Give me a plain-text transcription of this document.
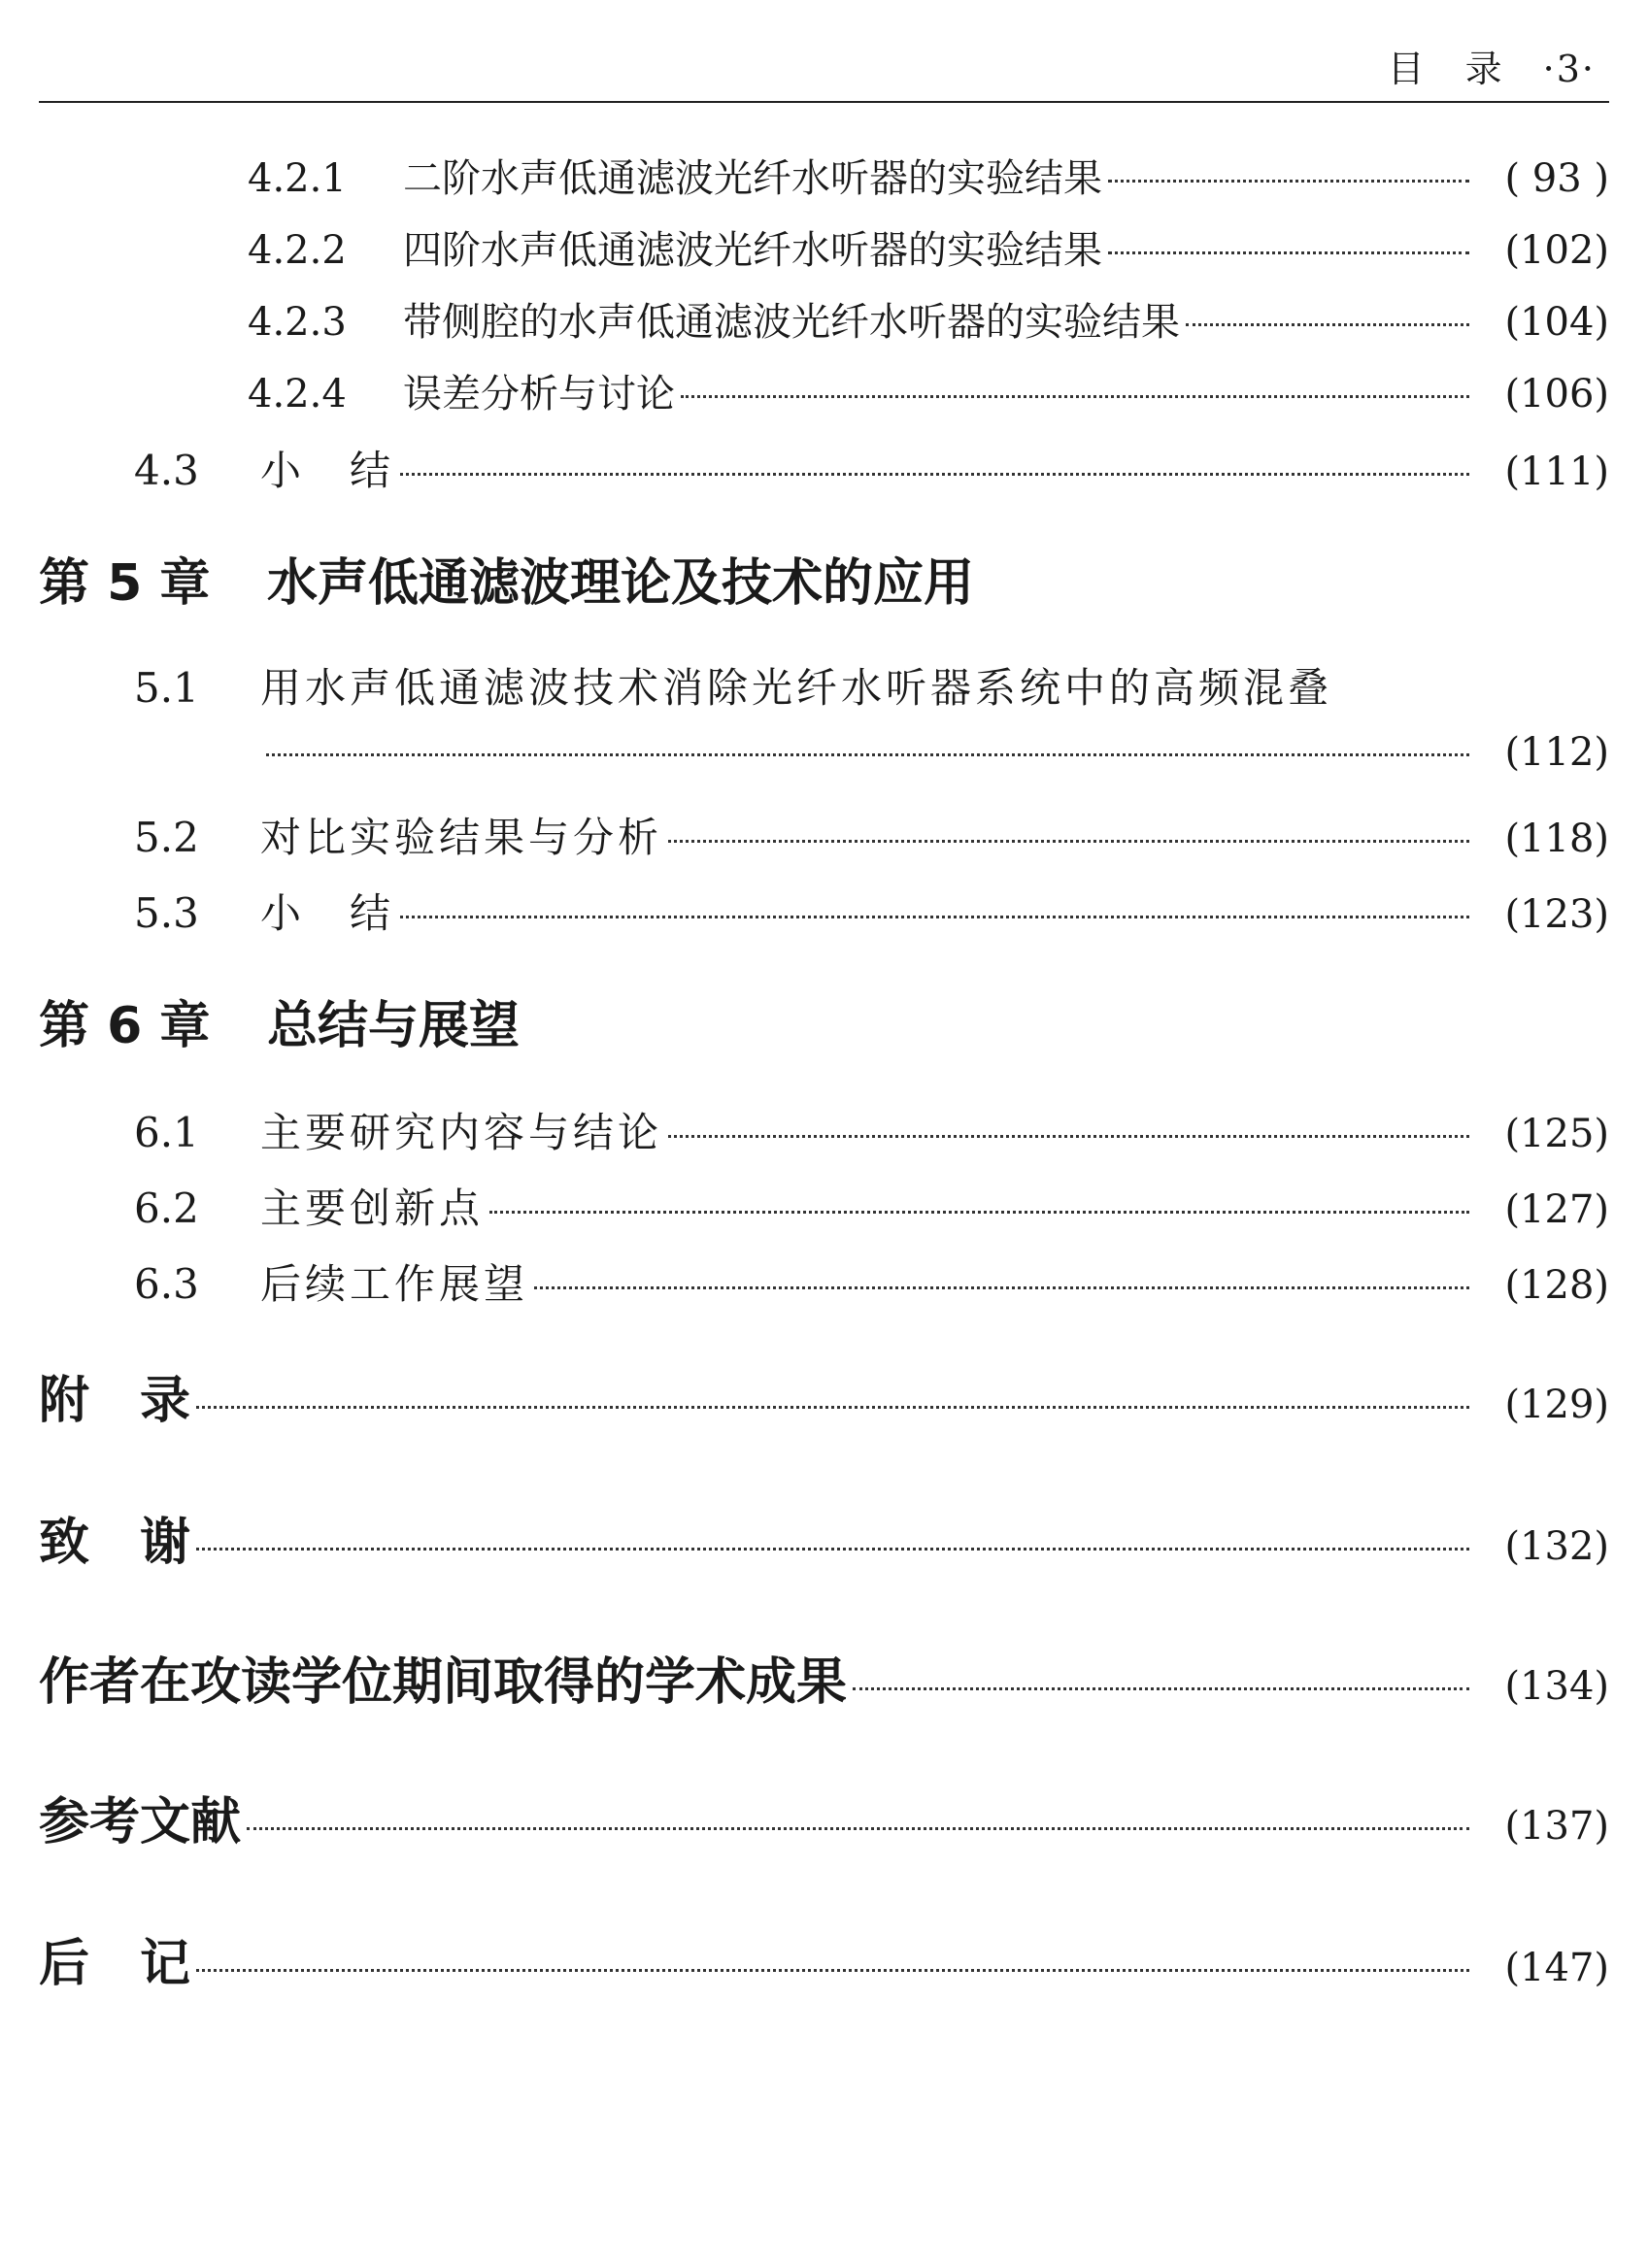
目　录 ·3·
4.2.1	二阶水声低通滤波光纤水听器的实验结果	( 93 )
4.2.2	四阶水声低通滤波光纤水听器的实验结果	(102)
4.2.3	带侧腔的水声低通滤波光纤水听器的实验结果	(104)
4.2.4	误差分析与讨论	(106)
4.3	小　结	(111)
第 5 章	水声低通滤波理论及技术的应用
5.1	用水声低通滤波技术消除光纤水听器系统中的高频混叠
(112)
5.2	对比实验结果与分析	(118)
5.3	小　结	(123)
第 6 章	总结与展望
6.1	主要研究内容与结论	(125)
6.2	主要创新点	(127)
6.3	后续工作展望	(128)
附　录	(129)
致　谢	(132)
作者在攻读学位期间取得的学术成果	(134)
参考文献	(137)
后　记	(147)
